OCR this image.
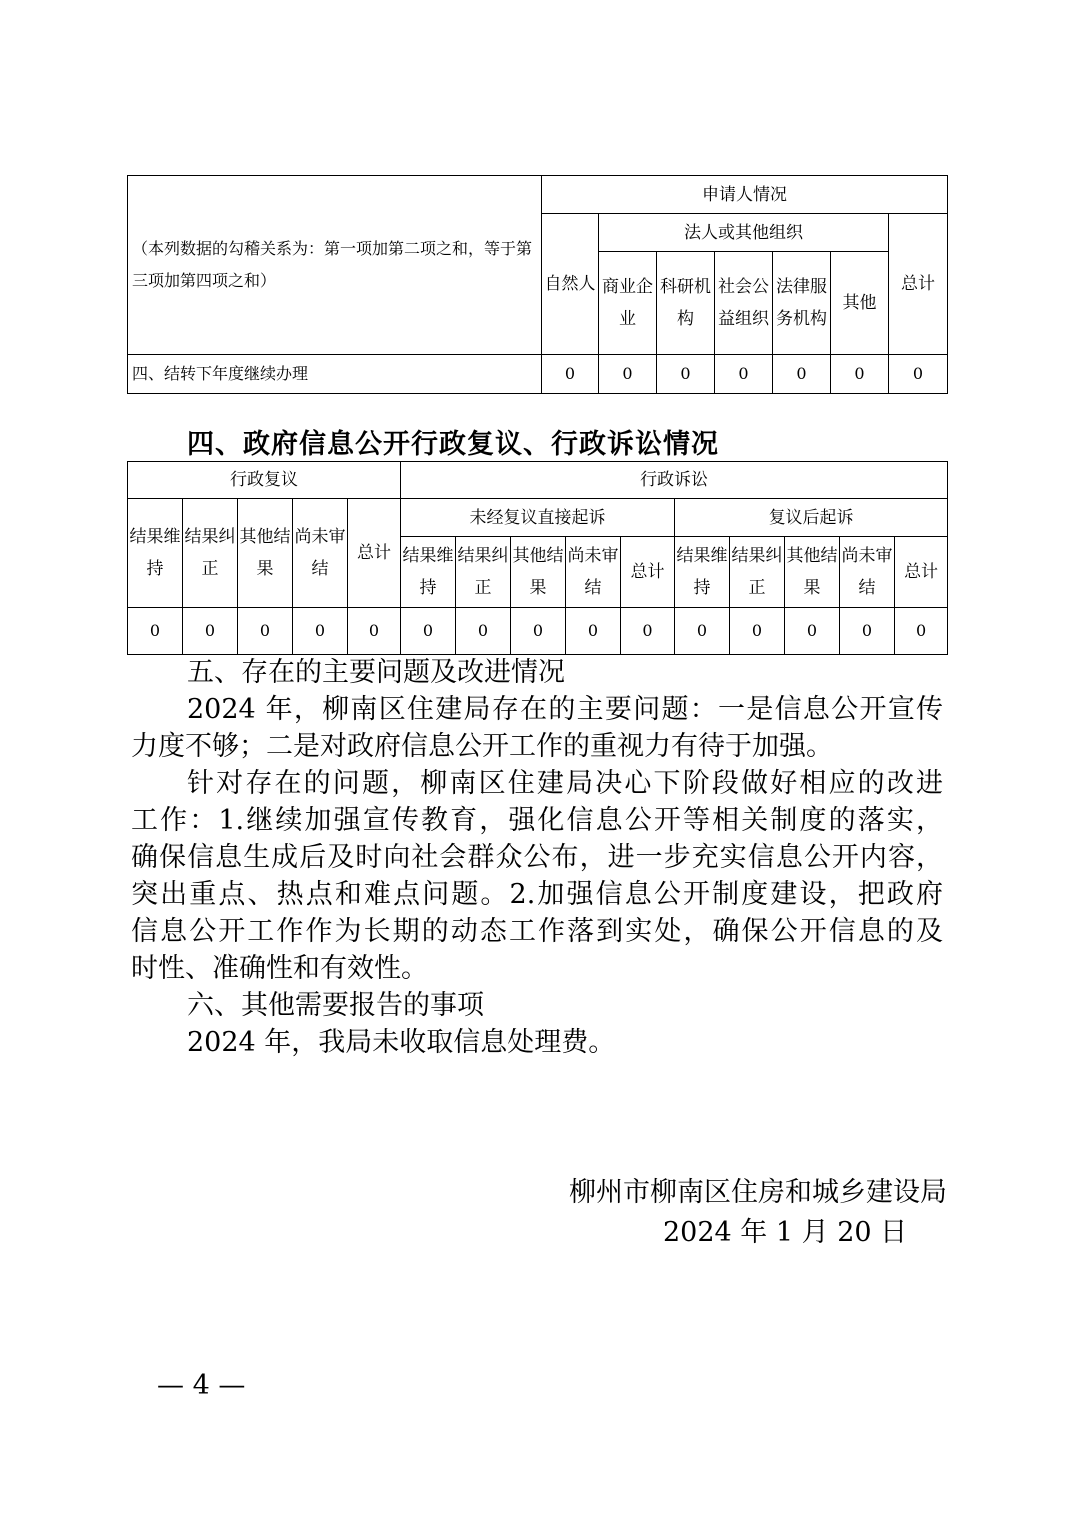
（本列数据的勾稽关系为：第一项加第二项之和，等于第三项加第四项之和）	申请人情况						
	自然人	法人或其他组织					总计
		商业企业	科研机构	社会公益组织	法律服务机构	其他	
四、结转下年度继续办理	0	0	0	0	0	0	0
四、政府信息公开行政复议、行政诉讼情况
行政复议					行政诉讼									
结果维持	结果纠正	其他结果	尚未审结	总计	未经复议直接起诉					复议后起诉				
					结果维持	结果纠正	其他结果	尚未审结	总计	结果维持	结果纠正	其他结果	尚未审结	总计
0	0	0	0	0	0	0	0	0	0	0	0	0	0	0
五、存在的主要问题及改进情况
2024 年，柳南区住建局存在的主要问题：一是信息公开宣传
力度不够；二是对政府信息公开工作的重视力有待于加强。
针对存在的问题，柳南区住建局决心下阶段做好相应的改进
工作：1.继续加强宣传教育，强化信息公开等相关制度的落实，
确保信息生成后及时向社会群众公布，进一步充实信息公开内容，
突出重点、热点和难点问题。2.加强信息公开制度建设，把政府
信息公开工作作为长期的动态工作落到实处，确保公开信息的及
时性、准确性和有效性。
六、其他需要报告的事项
2024 年，我局未收取信息处理费。
柳州市柳南区住房和城乡建设局
2024 年 1 月 20 日
— 4 —
